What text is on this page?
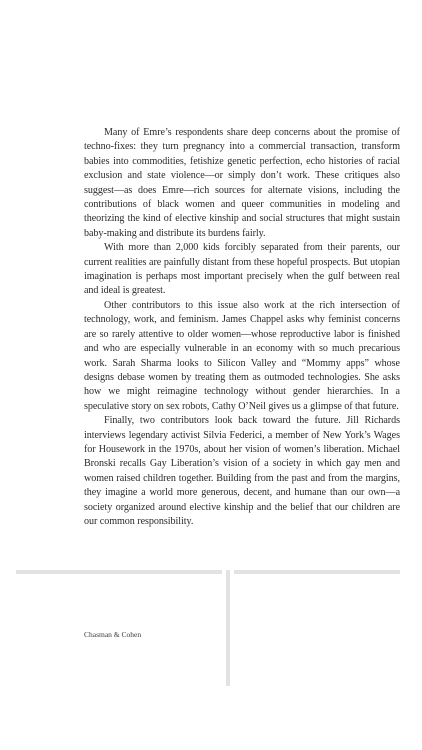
Many of Emre’s respondents share deep concerns about the promise of techno-fixes: they turn pregnancy into a commercial transaction, transform babies into commodities, fetishize genetic perfection, echo histories of racial exclusion and state violence—or simply don’t work. These critiques also suggest—as does Emre—rich sources for alternate visions, including the contributions of black women and queer communities in modeling and theorizing the kind of elective kinship and social structures that might sustain baby-making and distribute its burdens fairly.

With more than 2,000 kids forcibly separated from their parents, our current realities are painfully distant from these hopeful prospects. But utopian imagination is perhaps most important precisely when the gulf between real and ideal is greatest.

Other contributors to this issue also work at the rich intersection of technology, work, and feminism. James Chappel asks why feminist concerns are so rarely attentive to older women—whose reproductive labor is finished and who are especially vulnerable in an economy with so much precarious work. Sarah Sharma looks to Silicon Valley and “Mommy apps” whose designs debase women by treating them as outmoded technologies. She asks how we might reimagine technology without gender hierarchies. In a speculative story on sex robots, Cathy O’Neil gives us a glimpse of that future.

Finally, two contributors look back toward the future. Jill Richards interviews legendary activist Silvia Federici, a member of New York’s Wages for Housework in the 1970s, about her vision of women’s liberation. Michael Bronski recalls Gay Liberation’s vision of a society in which gay men and women raised children together. Building from the past and from the margins, they imagine a world more generous, decent, and humane than our own—a society organized around elective kinship and the belief that our children are our common responsibility.

Chasman & Cohen
